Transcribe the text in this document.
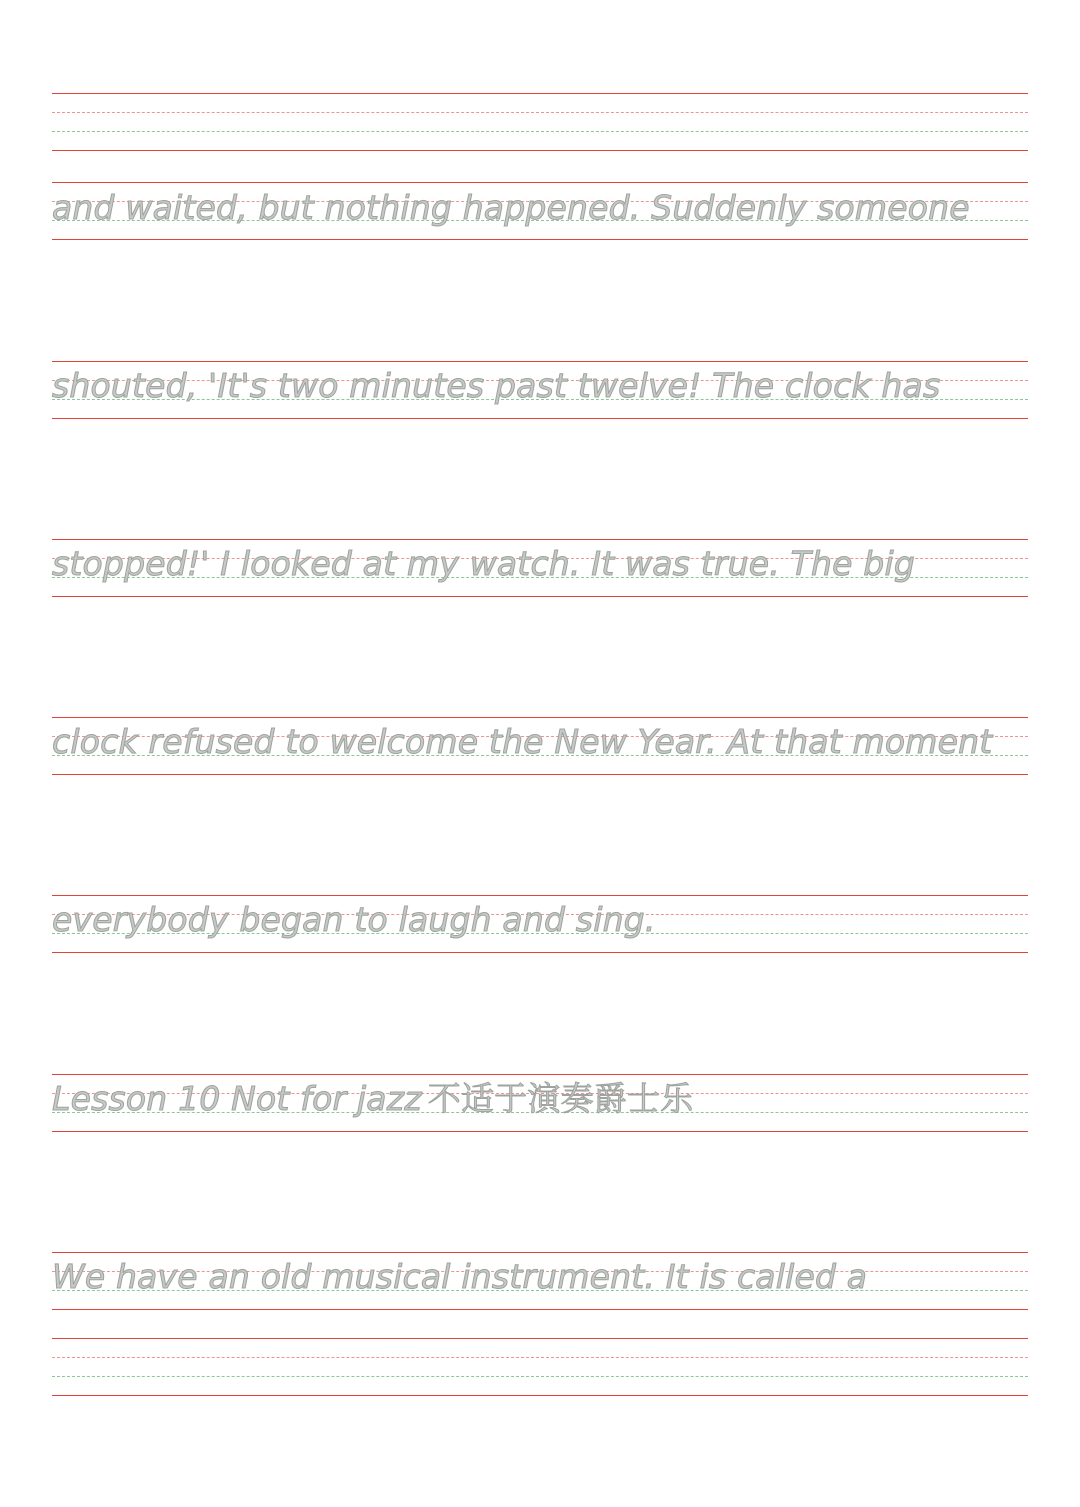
and waited, but nothing happened. Suddenly someone

shouted, 'It's two minutes past twelve! The clock has

stopped!' I looked at my watch. It was true. The big

clock refused to welcome the New Year. At that moment

everybody began to laugh and sing.

Lesson 10 Not for jazz 不适于演奏爵士乐

We have an old musical instrument. It is called a
